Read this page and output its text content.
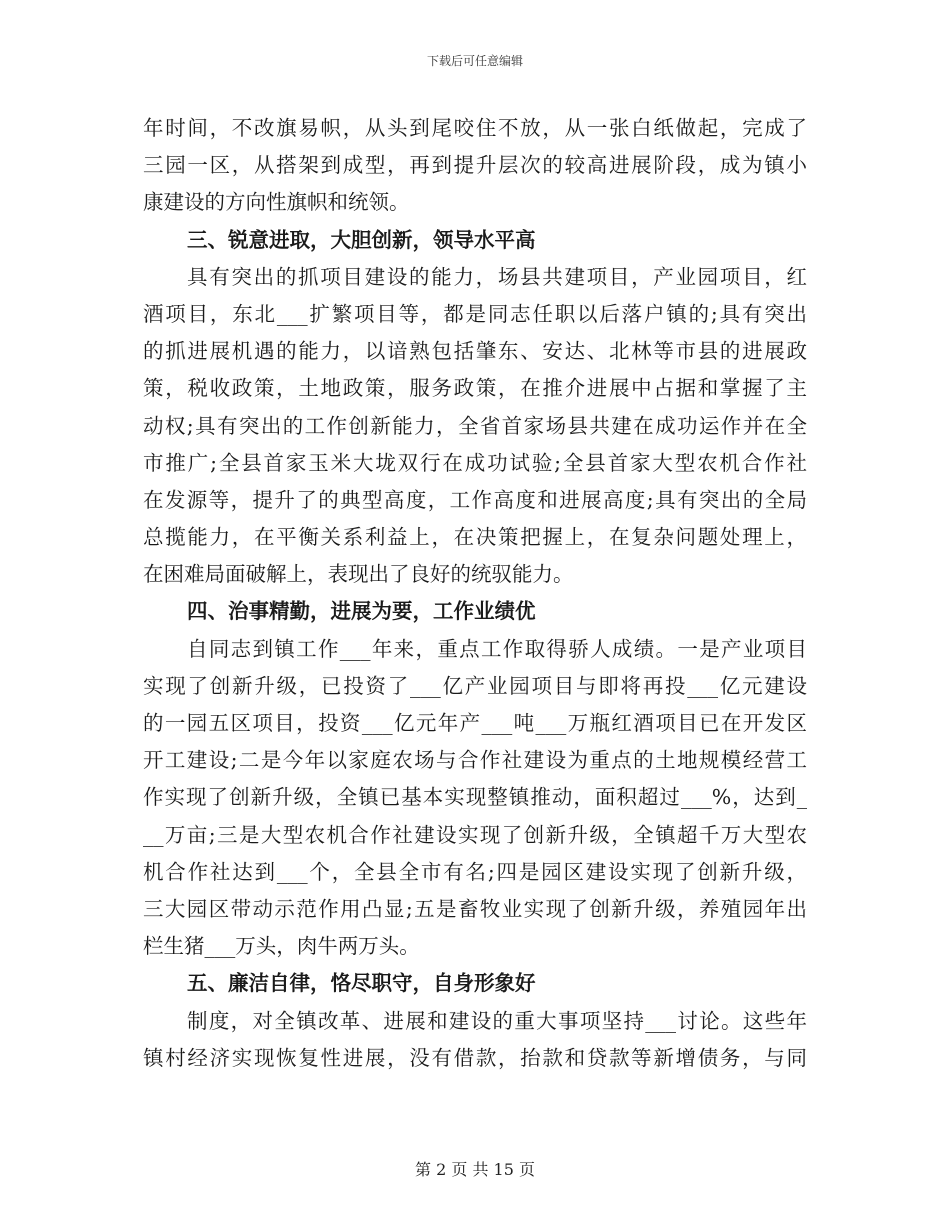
下载后可任意编辑
年时间，不改旗易帜，从头到尾咬住不放，从一张白纸做起，完成了
三园一区，从搭架到成型，再到提升层次的较高进展阶段，成为镇小
康建设的方向性旗帜和统领。
三、锐意进取，大胆创新，领导水平高
具有突出的抓项目建设的能力，场县共建项目，产业园项目，红
酒项目，东北___扩繁项目等，都是同志任职以后落户镇的;具有突出
的抓进展机遇的能力，以谙熟包括肇东、安达、北林等市县的进展政
策，税收政策，土地政策，服务政策，在推介进展中占据和掌握了主
动权;具有突出的工作创新能力，全省首家场县共建在成功运作并在全
市推广;全县首家玉米大垅双行在成功试验;全县首家大型农机合作社
在发源等，提升了的典型高度，工作高度和进展高度;具有突出的全局
总揽能力，在平衡关系利益上，在决策把握上，在复杂问题处理上，
在困难局面破解上，表现出了良好的统驭能力。
四、治事精勤，进展为要，工作业绩优
自同志到镇工作___年来，重点工作取得骄人成绩。一是产业项目
实现了创新升级，已投资了___亿产业园项目与即将再投___亿元建设
的一园五区项目，投资___亿元年产___吨___万瓶红酒项目已在开发区
开工建设;二是今年以家庭农场与合作社建设为重点的土地规模经营工
作实现了创新升级，全镇已基本实现整镇推动，面积超过___%，达到_
__万亩;三是大型农机合作社建设实现了创新升级，全镇超千万大型农
机合作社达到___个，全县全市有名;四是园区建设实现了创新升级，
三大园区带动示范作用凸显;五是畜牧业实现了创新升级，养殖园年出
栏生猪___万头，肉牛两万头。
五、廉洁自律，恪尽职守，自身形象好
制度，对全镇改革、进展和建设的重大事项坚持___讨论。这些年
镇村经济实现恢复性进展，没有借款，抬款和贷款等新增债务，与同
第 2 页 共 15 页
